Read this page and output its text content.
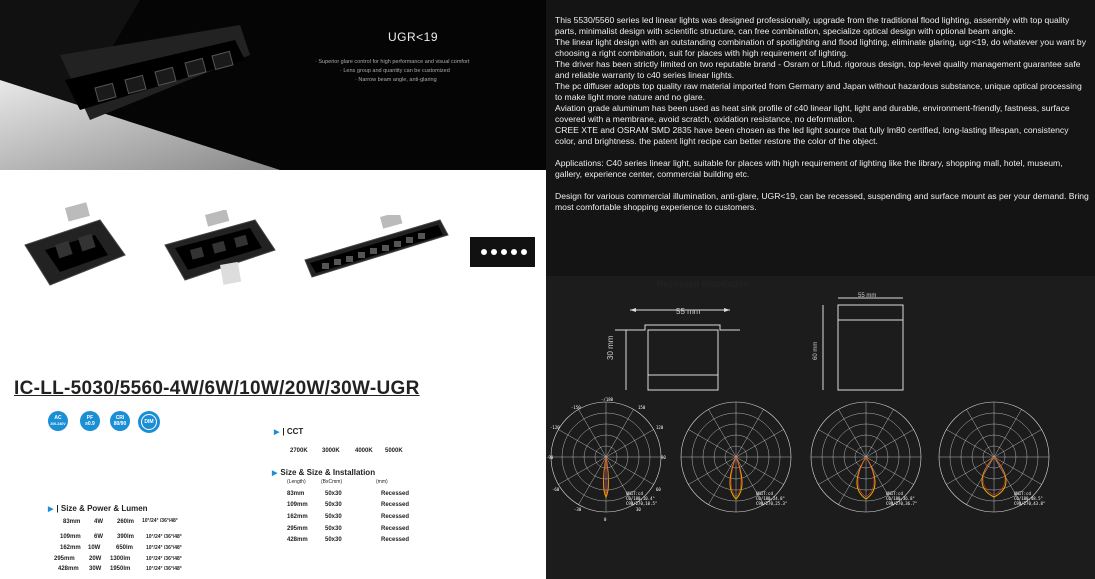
UGR<19
· Superior glare control for high performance and visual comfort
· Lens group and quantity can be customized
· Narrow beam angle, anti-glaring
IC-LL-5030/5560-4W/6W/10W/20W/30W-UGR
AC
200-240V
PF
≥0.9
CRI
80/90	DIM
▶ | Size & Power & Lumen
83mm 4W 260lm 10°/24° /36°/48°
109mm 6W 390lm 10°/24° /36°/48°
162mm 10W	650lm	10°/24° /36°/48°
295mm 20W 1300lm	10°/24° /36°/48°
428mm 30W 1950lm	10°/24° /36°/48°
▶ | CCT
2700K 3000K	4000K 5000K
▶ Size & Size & Installation
(Length)	(BxCmm)	(mm)
83mm	50x30	Recessed
109mm	50x30	Recessed
162mm	50x30	Recessed
295mm	50x30	Recessed
428mm	50x30	Recessed

This 5530/5560 series led linear lights was designed professionally, upgrade from the traditional flood lighting, assembly with top quality parts, minimalist design with scientific structure, can free combination, specialize optical design with optional beam angle.

The linear light design with an outstanding combination of spotlighting and flood lighting, eliminate glaring, ugr<19, do whatever you want by choosing a right combination, suit for places with high requirement of lighting.

The driver has been strictly limited on two reputable brand - Osram or Lifud. rigorous design, top-level quality management guarantee safe and reliable warranty to c40 series linear lights.

The pc diffuser adopts top quality raw material imported from Germany and Japan without hazardous substance, unique optical processing to make light more nature and no glare.

Aviation grade aluminum has been used as heat sink profile of c40 linear light, light and durable, environment-friendly, fastness, surface covered with a membrane, avoid scratch, oxidation resistance, no deformation.

CREE XTE and OSRAM SMD 2835 have been chosen as the led light source that fully lm80 certified, long-lasting lifespan, consistency color, and brightness. the patent light recipe can better restore the color of the object.

Applications: C40 series linear light, suitable for places with high requirement of lighting like the library, shopping mall, hotel, museum, gallery, experience center, commercial building etc.

Design for various commercial illumination, anti-glare, UGR<19, can be recessed, suspending and surface mount as per your demand. Bring most comfortable shopping experience to customers.

Recessed Installation
55 mm
30 mm
55 mm
60 mm
-/180
-150	150
-120	120
-90	90
-60	60
-30	30
0
UNIT:cd
C0/180,10.4°
C90/270,10.5°
UNIT:cd
C0/180,24.8°
C90/270,25.3°
UNIT:cd
C0/180,36.8°
C90/270,36.7°
UNIT:cd
C0/180,48.5°
C90/270,43.8°
